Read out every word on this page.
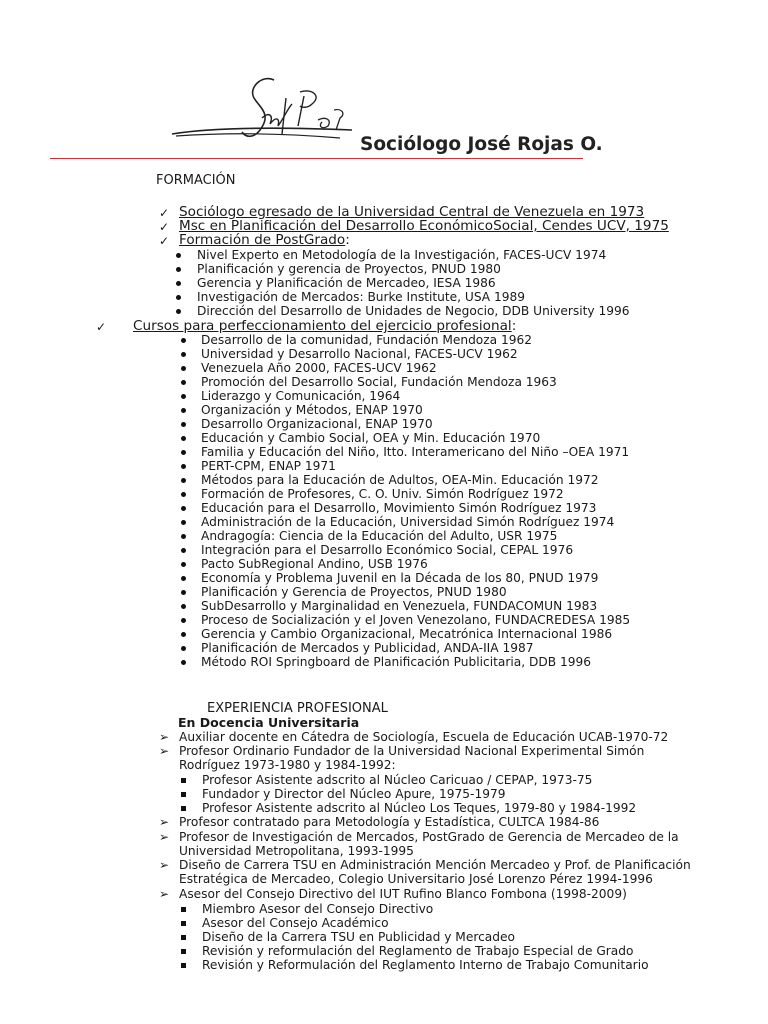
Sociólogo José Rojas O.
FORMACIÓN
✓ Sociólogo egresado de la Universidad Central de Venezuela en 1973
✓ Msc en Planificación del Desarrollo EconómicoSocial, Cendes UCV, 1975
✓ Formación de PostGrado:
Nivel Experto en Metodología de la Investigación, FACES-UCV 1974
Planificación y gerencia de Proyectos, PNUD 1980
Gerencia y Planificación de Mercadeo, IESA 1986
Investigación de Mercados: Burke Institute, USA 1989
Dirección del Desarrollo de Unidades de Negocio, DDB University 1996
✓ Cursos para perfeccionamiento del ejercicio profesional:
Desarrollo de la comunidad, Fundación Mendoza 1962
Universidad y Desarrollo Nacional, FACES-UCV 1962
Venezuela Año 2000, FACES-UCV 1962
Promoción del Desarrollo Social, Fundación Mendoza 1963
Liderazgo y Comunicación, 1964
Organización y Métodos, ENAP 1970
Desarrollo Organizacional, ENAP 1970
Educación y Cambio Social, OEA y Min. Educación 1970
Familia y Educación del Niño, Itto. Interamericano del Niño –OEA 1971
PERT-CPM, ENAP 1971
Métodos para la Educación de Adultos, OEA-Min. Educación 1972
Formación de Profesores, C. O. Univ. Simón Rodríguez 1972
Educación para el Desarrollo, Movimiento Simón Rodríguez 1973
Administración de la Educación, Universidad Simón Rodríguez 1974
Andragogía: Ciencia de la Educación del Adulto, USR 1975
Integración para el Desarrollo Económico Social, CEPAL 1976
Pacto SubRegional Andino, USB 1976
Economía y Problema Juvenil en la Década de los 80, PNUD 1979
Planificación y Gerencia de Proyectos, PNUD 1980
SubDesarrollo y Marginalidad en Venezuela, FUNDACOMUN 1983
Proceso de Socialización y el Joven Venezolano, FUNDACREDESA 1985
Gerencia y Cambio Organizacional, Mecatrónica Internacional 1986
Planificación de Mercados y Publicidad, ANDA-IIA 1987
Método ROI Springboard de Planificación Publicitaria, DDB 1996
EXPERIENCIA PROFESIONAL
En Docencia Universitaria
➢ Auxiliar docente en Cátedra de Sociología, Escuela de Educación UCAB-1970-72
➢ Profesor Ordinario Fundador de la Universidad Nacional Experimental Simón
Rodríguez 1973-1980 y 1984-1992:
Profesor Asistente adscrito al Núcleo Caricuao / CEPAP, 1973-75
Fundador y Director del Núcleo Apure, 1975-1979
Profesor Asistente adscrito al Núcleo Los Teques, 1979-80 y 1984-1992
➢ Profesor contratado para Metodología y Estadística, CULTCA 1984-86
➢ Profesor de Investigación de Mercados, PostGrado de Gerencia de Mercadeo de la
Universidad Metropolitana, 1993-1995
➢ Diseño de Carrera TSU en Administración Mención Mercadeo y Prof. de Planificación
Estratégica de Mercadeo, Colegio Universitario José Lorenzo Pérez 1994-1996
➢ Asesor del Consejo Directivo del IUT Rufino Blanco Fombona (1998-2009)
Miembro Asesor del Consejo Directivo
Asesor del Consejo Académico
Diseño de la Carrera TSU en Publicidad y Mercadeo
Revisión y reformulación del Reglamento de Trabajo Especial de Grado
Revisión y Reformulación del Reglamento Interno de Trabajo Comunitario
